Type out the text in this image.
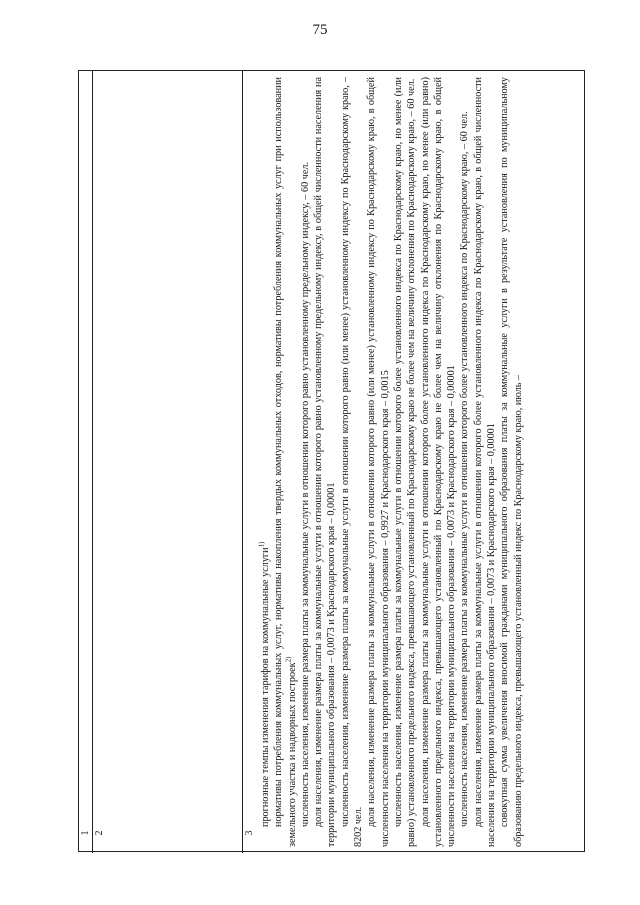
75
1 2	3

прогнозные темпы изменения тарифов на коммунальные услуги$^{1)}$ нормативы потребления коммунальных услуг, нормативы накопления твердых коммунальных отходов, нормативы потребления коммунальных услуг при использовании земельного участка и надворных построек$^{2)}$ численность населения, изменение размера платы за коммунальные услуги в отношении которого равно установленному предельному индексу, – 60 чел. доля населения, изменение размера платы за коммунальные услуги в отношении которого равно установленному предельному индексу, в общей численности населения на территории муниципального образования – 0,0073 и Краснодарского края – 0,00001 численность населения, изменение размера платы за коммунальные услуги в отношении которого равно (или менее) установленному индексу по Краснодарскому краю, – 8202 чел. доля населения, изменение размера платы за коммунальные услуги в отношении которого равно (или менее) установленному индексу по Краснодарскому краю, в общей численности населения на территории муниципального образования – 0,9927 и Краснодарского края – 0,0015 численность населения, изменение размера платы за коммунальные услуги в отношении которого более установленного индекса по Краснодарскому краю, но менее (или равно) установленного предельного индекса, превышающего установленный по Краснодарскому краю не более чем на величину отклонения по Краснодарскому краю, – 60 чел. доля населения, изменение размера платы за коммунальные услуги в отношении которого более установленного индекса по Краснодарскому краю, но менее (или равно) установленного предельного индекса, превышающего установленный по Краснодарскому краю не более чем на величину отклонения по Краснодарскому краю, в общей численности населения на территории муниципального образования – 0,0073 и Краснодарского края – 0,00001 численность населения, изменение размера платы за коммунальные услуги в отношении которого более установленного индекса по Краснодарскому краю, – 60 чел. доля населения, изменение размера платы за коммунальные услуги в отношении которого более установленного индекса по Краснодарскому краю, в общей численности населения на территории муниципального образования – 0,0073 и Краснодарского края – 0,00001 совокупная сумма увеличения вносимой гражданами муниципального образования платы за коммунальные услуги в результате установления по муниципальному образованию предельного индекса, превышающего установленный индекс по Краснодарскому краю, июль –
